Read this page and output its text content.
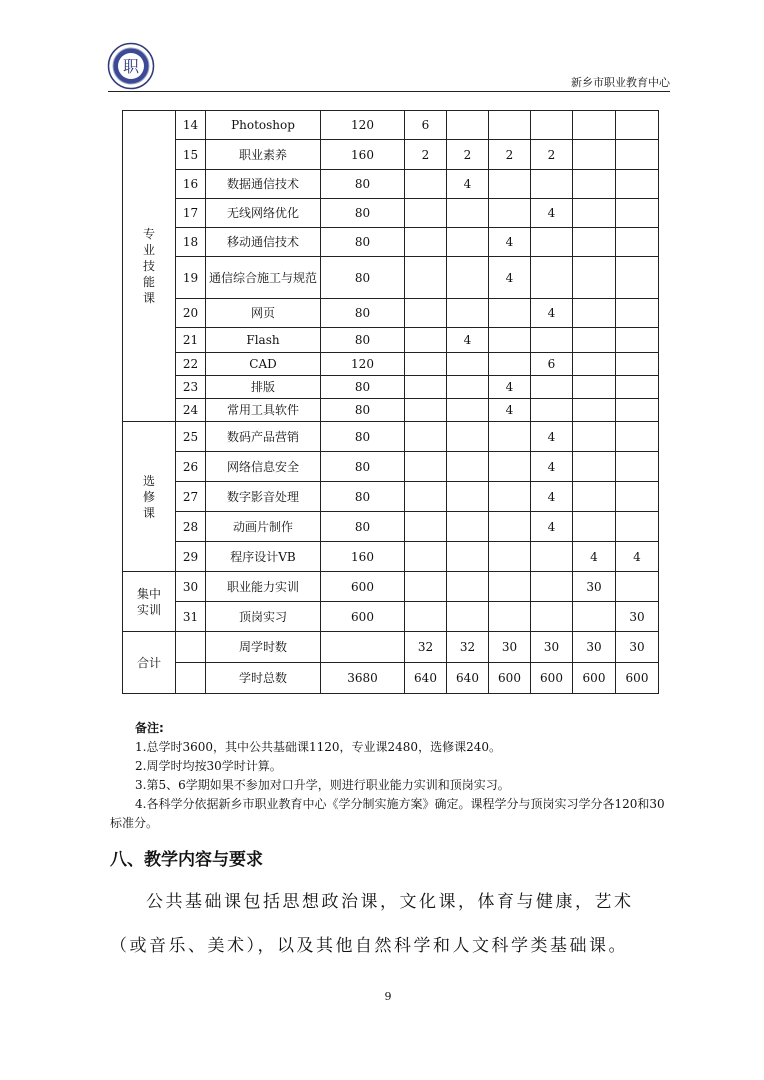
职
新乡市职业教育中心
专
业
技
能
课	14	Photoshop	120	6					
	15	职业素养	160	2	2	2	2		
	16	数据通信技术	80		4				
	17	无线网络优化	80				4		
	18	移动通信技术	80			4			
	19	通信综合施工与规范	80			4			
	20	网页	80				4		
	21	Flash	80		4				
	22	CAD	120				6		
	23	排版	80			4			
	24	常用工具软件	80			4			

选
修
课	25	数码产品营销	80				4		
	26	网络信息安全	80				4		
	27	数字影音处理	80				4		
	28	动画片制作	80				4		
	29	程序设计VB	160					4	4

集中
实训	30	职业能力实训	600					30	
	31	顶岗实习	600						30
合计		周学时数		32	32	30	30	30	30
		学时总数	3680	640	640	600	600	600	600
备注:
1.总学时3600，其中公共基础课1120，专业课2480，选修课240。
2.周学时均按30学时计算。
3.第5、6学期如果不参加对口升学，则进行职业能力实训和顶岗实习。
4.各科学分依据新乡市职业教育中心《学分制实施方案》确定。课程学分与顶岗实习学分各120和30标准分。
八、教学内容与要求
公共基础课包括思想政治课，文化课，体育与健康，艺术（或音乐、美术），以及其他自然科学和人文科学类基础课。
9
